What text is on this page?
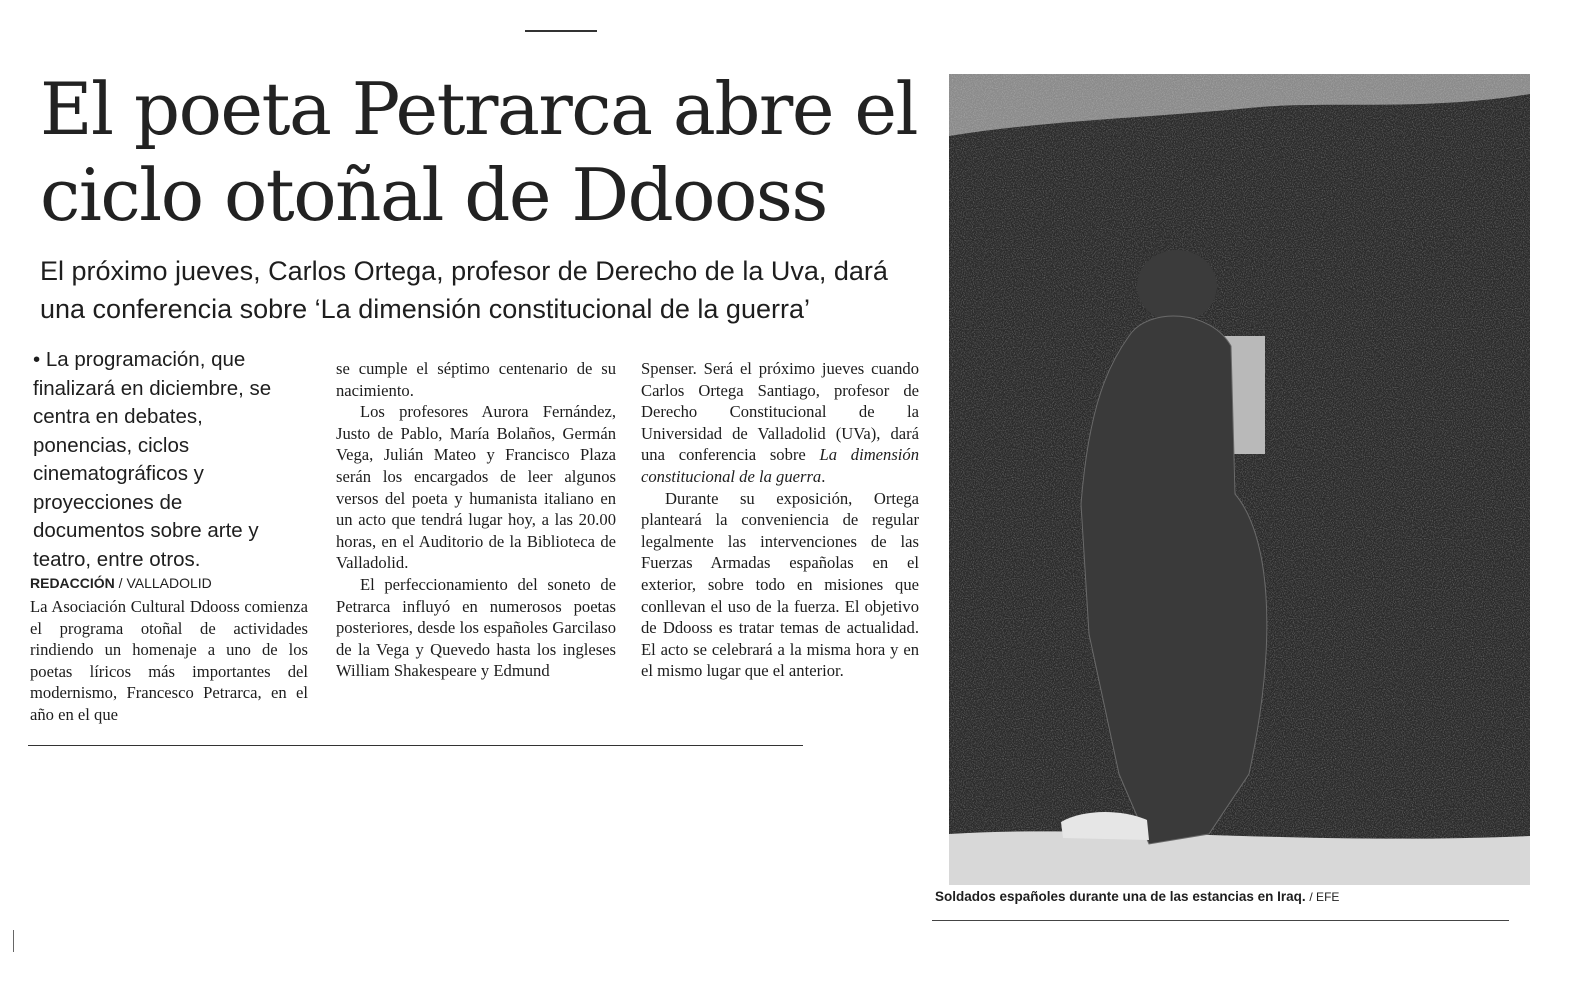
El poeta Petrarca abre el
ciclo otoñal de Ddooss

El próximo jueves, Carlos Ortega, profesor de Derecho de la Uva, dará una conferencia sobre ‘La dimensión constitucional de la guerra’

• La programación, que finalizará en diciembre, se centra en debates, ponencias, ciclos cinematográficos y proyecciones de documentos sobre arte y teatro, entre otros.

REDACCIÓN / VALLADOLID

La Asociación Cultural Ddooss comienza el programa otoñal de actividades rindiendo un homenaje a uno de los poetas líricos más importantes del modernismo, Francesco Petrarca, en el año en el que

se cumple el séptimo centenario de su nacimiento.

Los profesores Aurora Fernández, Justo de Pablo, María Bolaños, Germán Vega, Julián Mateo y Francisco Plaza serán los encargados de leer algunos versos del poeta y humanista italiano en un acto que tendrá lugar hoy, a las 20.00 horas, en el Auditorio de la Biblioteca de Valladolid.

El perfeccionamiento del soneto de Petrarca influyó en numerosos poetas posteriores, desde los españoles Garcilaso de la Vega y Quevedo hasta los ingleses William Shakespeare y Edmund

Spenser. Será el próximo jueves cuando Carlos Ortega Santiago, profesor de Derecho Constitucional de la Universidad de Valladolid (UVa), dará una conferencia sobre La dimensión constitucional de la guerra.

Durante su exposición, Ortega planteará la conveniencia de regular legalmente las intervenciones de las Fuerzas Armadas españolas en el exterior, sobre todo en misiones que conllevan el uso de la fuerza. El objetivo de Ddooss es tratar temas de actualidad. El acto se celebrará a la misma hora y en el mismo lugar que el anterior.

Soldados españoles durante una de las estancias en Iraq. / EFE
